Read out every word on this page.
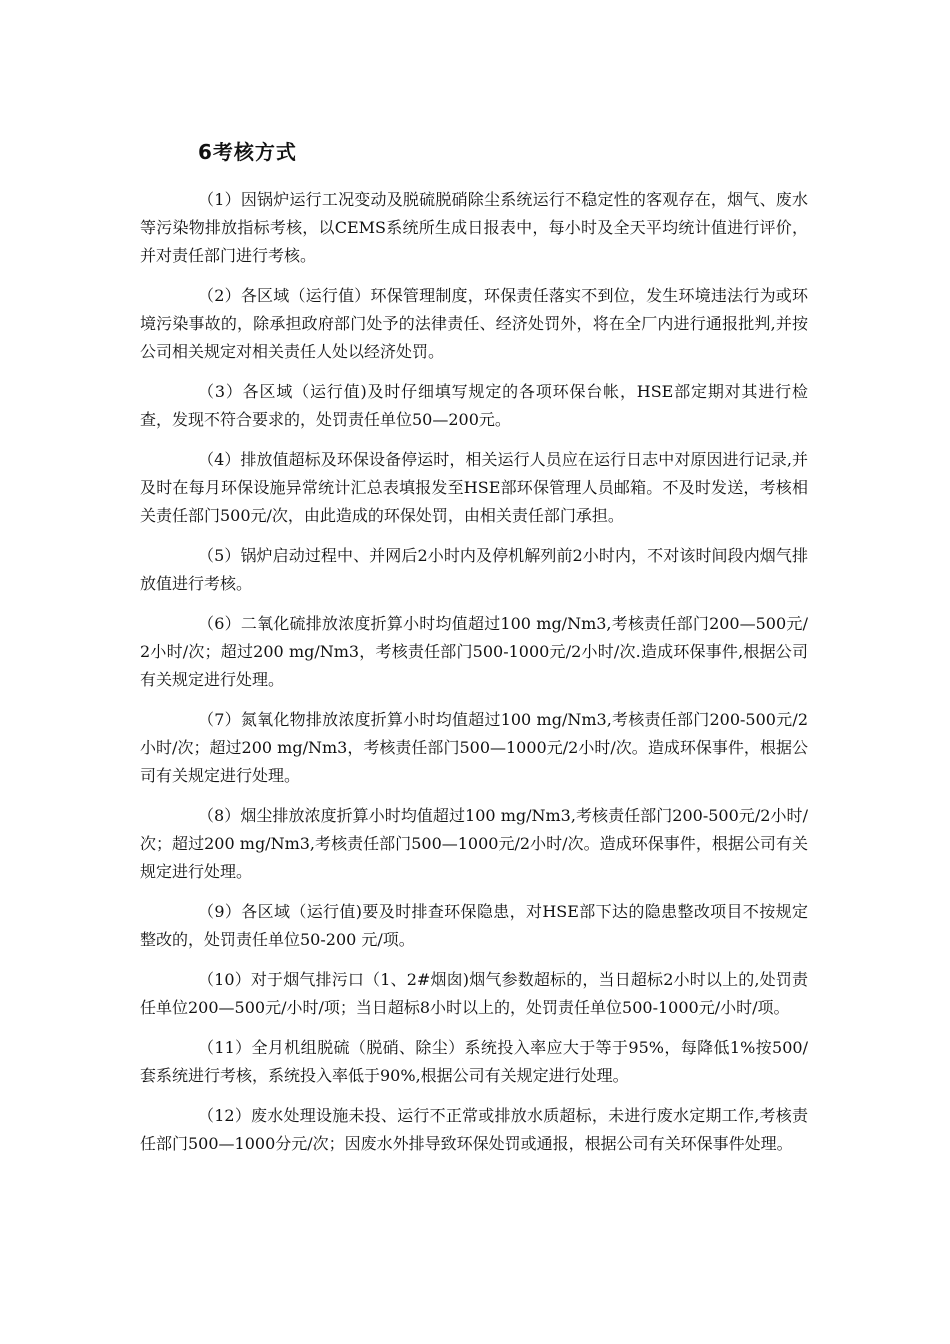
6考核方式

（1）因锅炉运行工况变动及脱硫脱硝除尘系统运行不稳定性的客观存在，烟气、废水等污染物排放指标考核，以CEMS系统所生成日报表中，每小时及全天平均统计值进行评价，并对责任部门进行考核。

（2）各区域（运行值）环保管理制度，环保责任落实不到位，发生环境违法行为或环境污染事故的，除承担政府部门处予的法律责任、经济处罚外，将在全厂内进行通报批判,并按公司相关规定对相关责任人处以经济处罚。

（3）各区域（运行值)及时仔细填写规定的各项环保台帐，HSE部定期对其进行检查，发现不符合要求的，处罚责任单位50—200元。

（4）排放值超标及环保设备停运时，相关运行人员应在运行日志中对原因进行记录,并及时在每月环保设施异常统计汇总表填报发至HSE部环保管理人员邮箱。不及时发送，考核相关责任部门500元/次，由此造成的环保处罚，由相关责任部门承担。

（5）锅炉启动过程中、并网后2小时内及停机解列前2小时内，不对该时间段内烟气排放值进行考核。

（6）二氧化硫排放浓度折算小时均值超过100 mg/Nm3,考核责任部门200—500元/2小时/次；超过200 mg/Nm3，考核责任部门500-1000元/2小时/次.造成环保事件,根据公司有关规定进行处理。

（7）氮氧化物排放浓度折算小时均值超过100 mg/Nm3,考核责任部门200-500元/2小时/次；超过200 mg/Nm3，考核责任部门500—1000元/2小时/次。造成环保事件，根据公司有关规定进行处理。

（8）烟尘排放浓度折算小时均值超过100 mg/Nm3,考核责任部门200-500元/2小时/次；超过200 mg/Nm3,考核责任部门500—1000元/2小时/次。造成环保事件，根据公司有关规定进行处理。

（9）各区域（运行值)要及时排查环保隐患，对HSE部下达的隐患整改项目不按规定整改的，处罚责任单位50-200 元/项。

（10）对于烟气排污口（1、2#烟囱)烟气参数超标的，当日超标2小时以上的,处罚责任单位200—500元/小时/项；当日超标8小时以上的，处罚责任单位500-1000元/小时/项。

（11）全月机组脱硫（脱硝、除尘）系统投入率应大于等于95%，每降低1%按500/套系统进行考核，系统投入率低于90%,根据公司有关规定进行处理。

（12）废水处理设施未投、运行不正常或排放水质超标，未进行废水定期工作,考核责任部门500—1000分元/次；因废水外排导致环保处罚或通报，根据公司有关环保事件处理。
